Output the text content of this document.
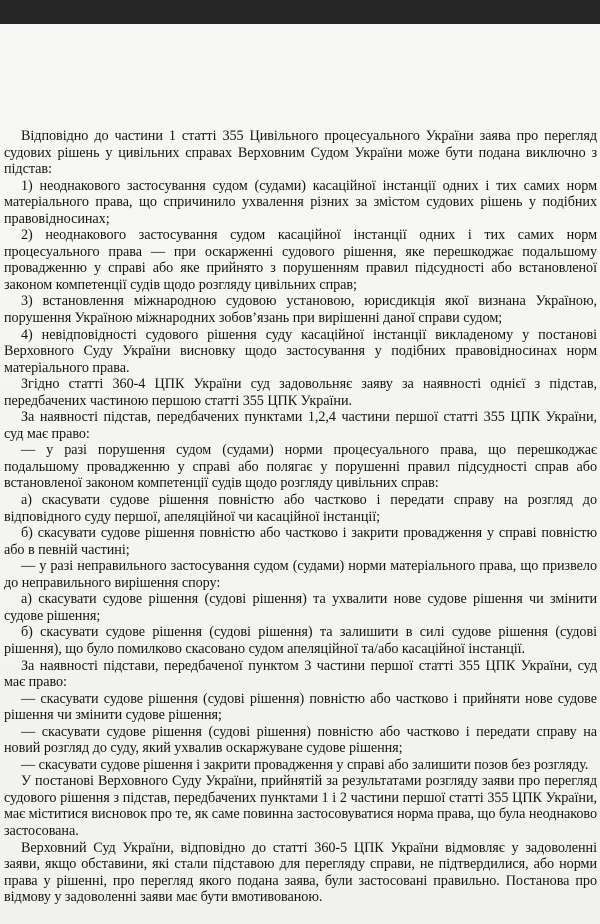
Відповідно до частини 1 статті 355 Цивільного процесуального України заява про перегляд судових рішень у цивільних справах Верховним Судом України може бути подана виключно з підстав:

1) неоднакового застосування судом (судами) касаційної інстанції одних і тих самих норм матеріального права, що спричинило ухвалення різних за змістом судових рішень у подібних правовідносинах;

2) неоднакового застосування судом касаційної інстанції одних і тих самих норм процесуального права — при оскарженні судового рішення, яке перешкоджає подальшому провадженню у справі або яке прийнято з порушенням правил підсудності або встановленої законом компетенції судів щодо розгляду цивільних справ;

3) встановлення міжнародною судовою установою, юрисдикція якої визнана Україною, порушення Україною міжнародних зобов’язань при вирішенні даної справи судом;

4) невідповідності судового рішення суду касаційної інстанції викладеному у постанові Верховного Суду України висновку щодо застосування у подібних правовідносинах норм матеріального права.

Згідно статті 360-4 ЦПК України суд задовольняє заяву за наявності однієї з підстав, передбачених частиною першою статті 355 ЦПК України.

За наявності підстав, передбачених пунктами 1,2,4 частини першої статті 355 ЦПК України, суд має право:

— у разі порушення судом (судами) норми процесуального права, що перешкоджає подальшому провадженню у справі або полягає у порушенні правил підсудності справ або встановленої законом компетенції судів щодо розгляду цивільних справ:

а) скасувати судове рішення повністю або частково і передати справу на розгляд до відповідного суду першої, апеляційної чи касаційної інстанції;

б) скасувати судове рішення повністю або частково і закрити провадження у справі повністю або в певній частині;

— у разі неправильного застосування судом (судами) норми матеріального права, що призвело до неправильного вирішення спору:

а) скасувати судове рішення (судові рішення) та ухвалити нове судове рішення чи змінити судове рішення;

б) скасувати судове рішення (судові рішення) та залишити в силі судове рішення (судові рішення), що було помилково скасовано судом апеляційної та/або касаційної інстанції.

За наявності підстави, передбаченої пунктом 3 частини першої статті 355 ЦПК України, суд має право:

— скасувати судове рішення (судові рішення) повністю або частково і прийняти нове судове рішення чи змінити судове рішення;

— скасувати судове рішення (судові рішення) повністю або частково і передати справу на новий розгляд до суду, який ухвалив оскаржуване судове рішення;

— скасувати судове рішення і закрити провадження у справі або залишити позов без розгляду.

У постанові Верховного Суду України, прийнятій за результатами розгляду заяви про перегляд судового рішення з підстав, передбачених пунктами 1 і 2 частини першої статті 355 ЦПК України, має міститися висновок про те, як саме повинна застосовуватися норма права, що була неоднаково застосована.

Верховний Суд України, відповідно до статті 360-5 ЦПК України відмовляє у задоволенні заяви, якщо обставини, які стали підставою для перегляду справи, не підтвердилися, або норми права у рішенні, про перегляд якого подана заява, були застосовані правильно. Постанова про відмову у задоволенні заяви має бути вмотивованою.
